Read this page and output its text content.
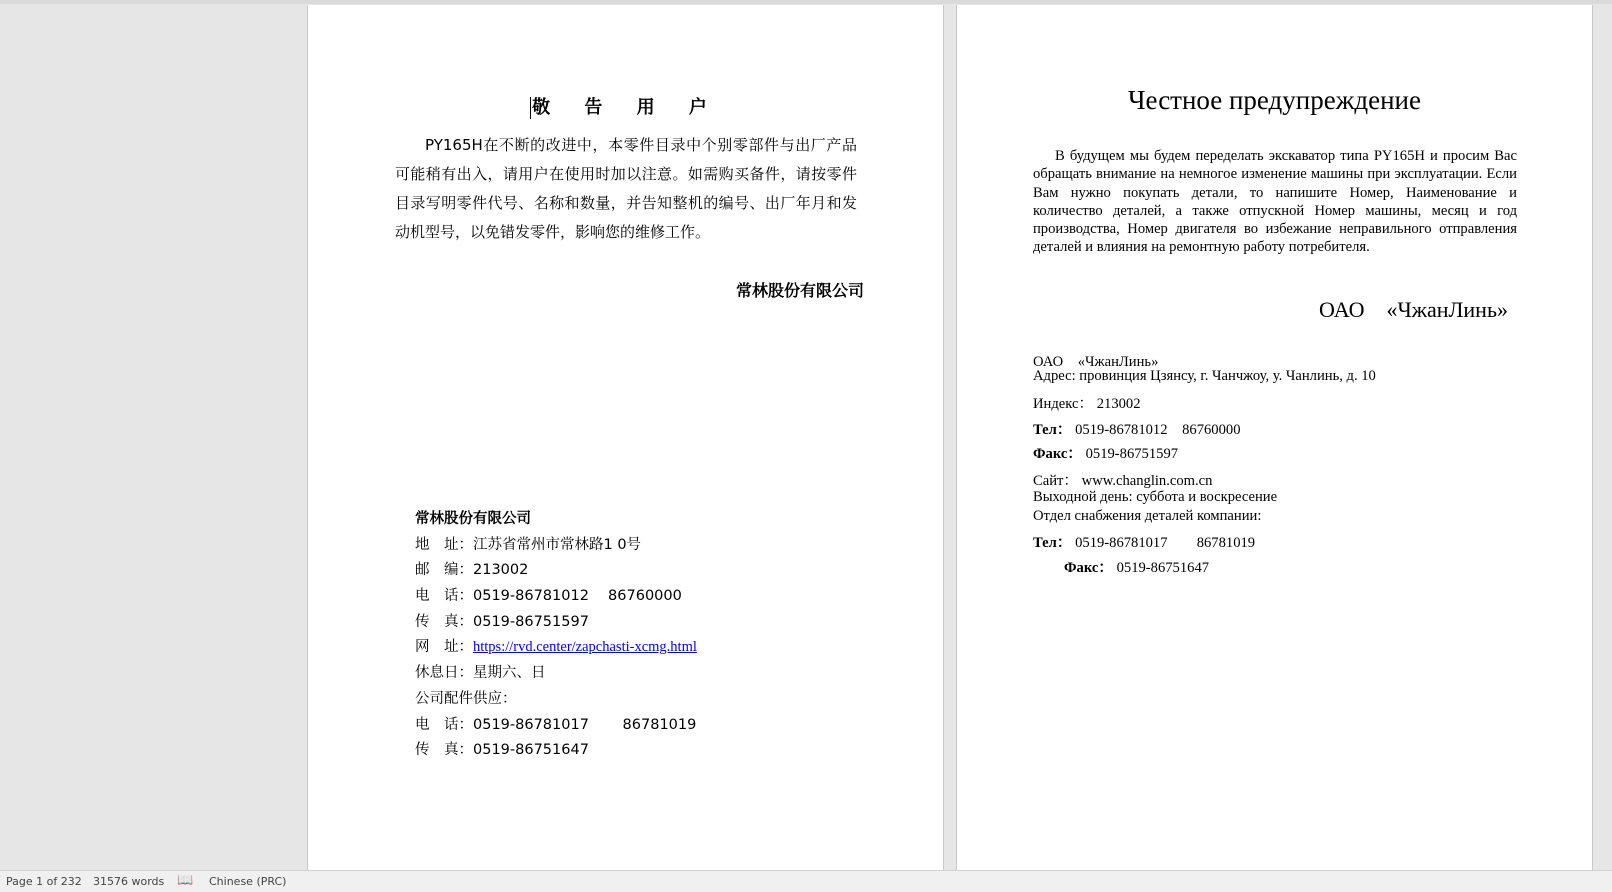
敬 告 用 户
PY165H在不断的改进中，本零件目录中个别零部件与出厂产品可能稍有出入，请用户在使用时加以注意。如需购买备件，请按零件目录写明零件代号、名称和数量，并告知整机的编号、出厂年月和发动机型号，以免错发零件，影响您的维修工作。
常林股份有限公司
常林股份有限公司
地　址：江苏省常州市常林路1 0号
邮　编：213002
电　话：0519-86781012　 86760000
传　真：0519-86751597
网　址：https://rvd.center/zapchasti-xcmg.html
休息日：星期六、日
公司配件供应：
电　话：0519-86781017　　 86781019
传　真：0519-86751647
Честное предупреждение
В будущем мы будем переделать экскаватор типа PY165H и просим Вас обращать внимание на немногое изменение машины при эксплуатации. Если Вам нужно покупать детали, то напишите Номер, Наименование и количество деталей, а также отпускной Номер машины, месяц и год производства, Номер двигателя во избежание неправильного отправления деталей и влияния на ремонтную работу потребителя.
ОАО　«ЧжанЛинь»
ОАО　«ЧжанЛинь»
Адрес: провинция Цзянсу, г. Чанчжоу, у. Чанлинь, д. 10
Индекс： 213002
Тел： 0519-86781012　86760000
Факс： 0519-86751597
Сайт： www.changlin.com.cn
Выходной день: суббота и воскресение
Отдел снабжения деталей компании:
Тел： 0519-86781017　　86781019
Факс： 0519-86751647
Page 1 of 232 31576 words 📖 Chinese (PRC)
